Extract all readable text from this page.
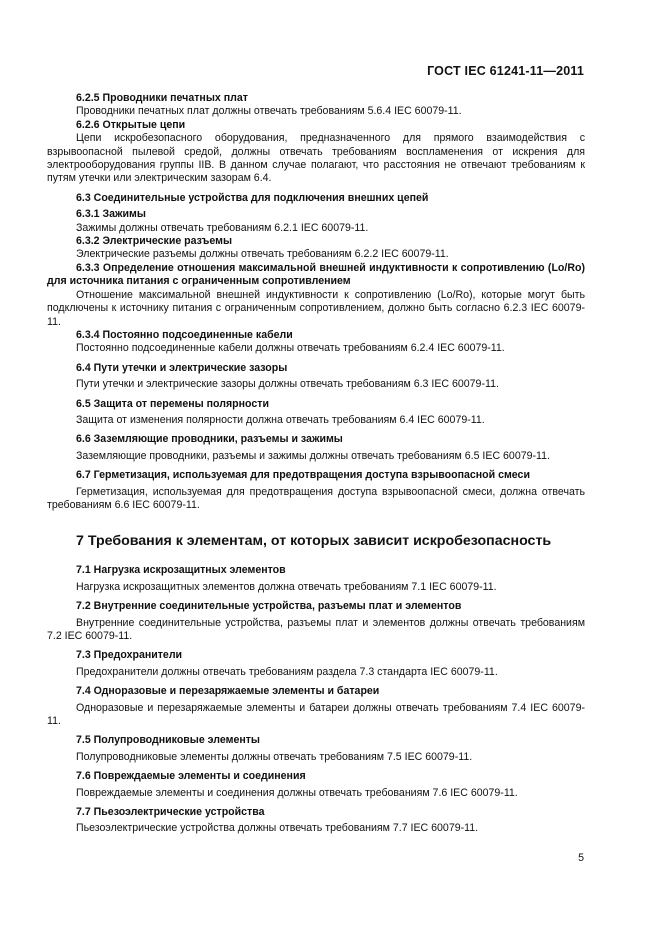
ГОСТ IEC 61241-11—2011
6.2.5 Проводники печатных плат
Проводники печатных плат должны отвечать требованиям 5.6.4 IEC 60079-11.
6.2.6 Открытые цепи
Цепи искробезопасного оборудования, предназначенного для прямого взаимодействия с взрывоопасной пылевой средой, должны отвечать требованиям воспламенения от искрения для электрооборудования группы IIB. В данном случае полагают, что расстояния не отвечают требованиям к путям утечки или электрическим зазорам 6.4.
6.3 Соединительные устройства для подключения внешних цепей
6.3.1 Зажимы
Зажимы должны отвечать требованиям 6.2.1 IEC 60079-11.
6.3.2 Электрические разъемы
Электрические разъемы должны отвечать требованиям 6.2.2 IEC 60079-11.
6.3.3 Определение отношения максимальной внешней индуктивности к сопротивлению (Lo/Ro) для источника питания с ограниченным сопротивлением
Отношение максимальной внешней индуктивности к сопротивлению (Lo/Ro), которые могут быть подключены к источнику питания с ограниченным сопротивлением, должно быть согласно 6.2.3 IEC 60079-11.
6.3.4 Постоянно подсоединенные кабели
Постоянно подсоединенные кабели должны отвечать требованиям 6.2.4 IEC 60079-11.
6.4 Пути утечки и электрические зазоры
Пути утечки и электрические зазоры должны отвечать требованиям 6.3 IEC 60079-11.
6.5 Защита от перемены полярности
Защита от изменения полярности должна отвечать требованиям 6.4 IEC 60079-11.
6.6 Заземляющие проводники, разъемы и зажимы
Заземляющие проводники, разъемы и зажимы должны отвечать требованиям 6.5 IEC 60079-11.
6.7 Герметизация, используемая для предотвращения доступа взрывоопасной смеси
Герметизация, используемая для предотвращения доступа взрывоопасной смеси, должна отвечать требованиям 6.6 IEC 60079-11.
7 Требования к элементам, от которых зависит искробезопасность
7.1 Нагрузка искрозащитных элементов
Нагрузка искрозащитных элементов должна отвечать требованиям 7.1 IEC 60079-11.
7.2 Внутренние соединительные устройства, разъемы плат и элементов
Внутренние соединительные устройства, разъемы плат и элементов должны отвечать требованиям 7.2 IEC 60079-11.
7.3 Предохранители
Предохранители должны отвечать требованиям раздела 7.3 стандарта IEC 60079-11.
7.4 Одноразовые и перезаряжаемые элементы и батареи
Одноразовые и перезаряжаемые элементы и батареи должны отвечать требованиям 7.4 IEC 60079-11.
7.5 Полупроводниковые элементы
Полупроводниковые элементы должны отвечать требованиям 7.5 IEC 60079-11.
7.6 Повреждаемые элементы и соединения
Повреждаемые элементы и соединения должны отвечать требованиям 7.6 IEC 60079-11.
7.7 Пьезоэлектрические устройства
Пьезоэлектрические устройства должны отвечать требованиям 7.7 IEC 60079-11.
5
